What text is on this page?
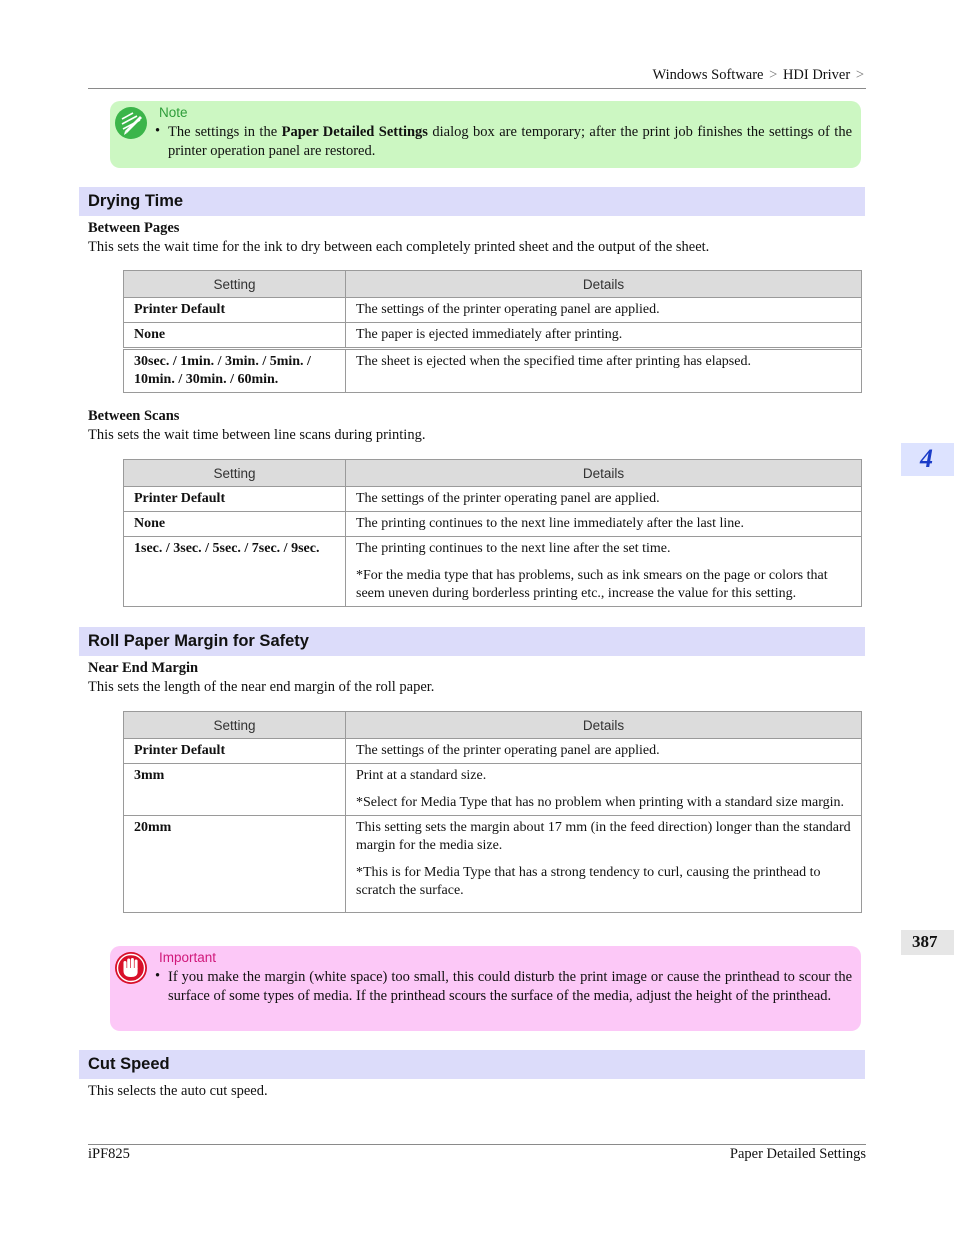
Windows Software > HDI Driver >
Note
• The settings in the Paper Detailed Settings dialog box are temporary; after the print job finishes the settings of the printer operation panel are restored.
Drying Time
Between Pages
This sets the wait time for the ink to dry between each completely printed sheet and the output of the sheet.
Setting	Details
Printer Default	The settings of the printer operating panel are applied.
None	The paper is ejected immediately after printing.
30sec. / 1min. / 3min. / 5min. / 10min. / 30min. / 60min.	The sheet is ejected when the specified time after printing has elapsed.
Between Scans
This sets the wait time between line scans during printing.
Setting	Details
Printer Default	The settings of the printer operating panel are applied.
None	The printing continues to the next line immediately after the last line.
1sec. / 3sec. / 5sec. / 7sec. / 9sec.	The printing continues to the next line after the set time.

*For the media type that has problems, such as ink smears on the page or colors that seem uneven during borderless printing etc., increase the value for this setting.

Roll Paper Margin for Safety
Near End Margin
This sets the length of the near end margin of the roll paper.
Setting	Details
Printer Default	The settings of the printer operating panel are applied.
3mm	Print at a standard size.

*Select for Media Type that has no problem when printing with a standard size margin.

20mm	This setting sets the margin about 17 mm (in the feed direction) longer than the standard margin for the media size.

*This is for Media Type that has a strong tendency to curl, causing the printhead to scratch the surface.

Important
• If you make the margin (white space) too small, this could disturb the print image or cause the printhead to scour the surface of some types of media. If the printhead scours the surface of the media, adjust the height of the printhead.
Cut Speed
This selects the auto cut speed.
4
387
iPF825	Paper Detailed Settings
